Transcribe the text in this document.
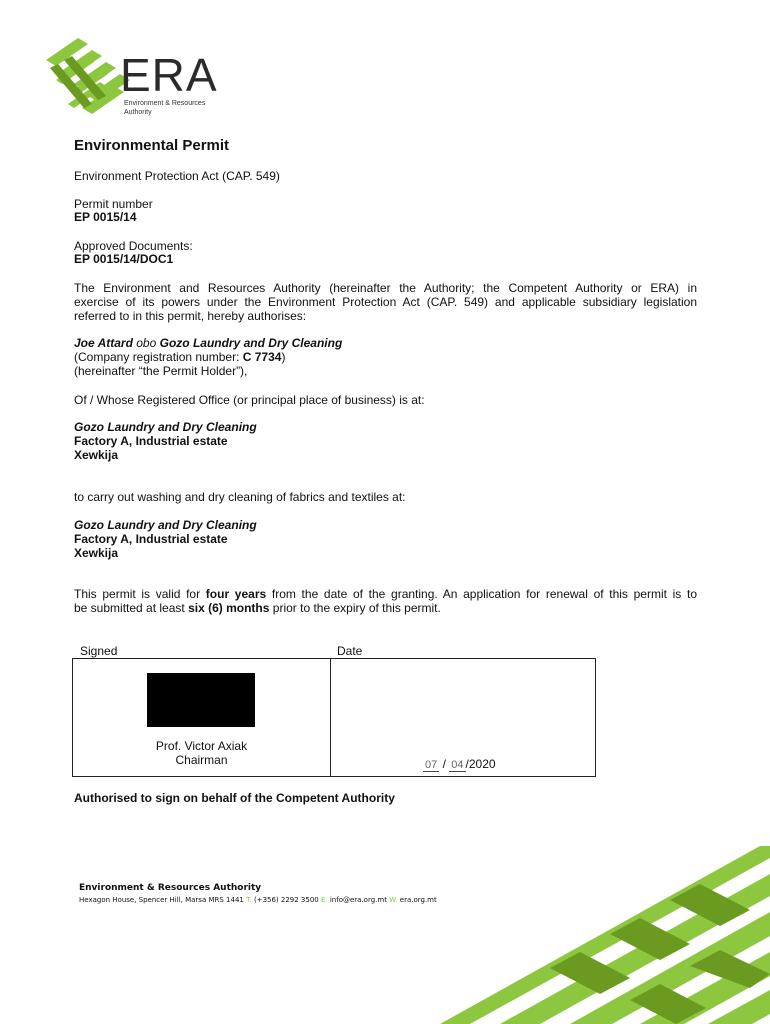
ERA
Environment & Resources
Authority
Environmental Permit
Environment Protection Act (CAP. 549)
Permit number
EP 0015/14
Approved Documents:
EP 0015/14/DOC1
The Environment and Resources Authority (hereinafter the Authority; the Competent Authority or ERA) in
exercise of its powers under the Environment Protection Act (CAP. 549) and applicable subsidiary legislation
referred to in this permit, hereby authorises:
Joe Attard obo Gozo Laundry and Dry Cleaning
(Company registration number: C 7734)
(hereinafter “the Permit Holder”),
Of / Whose Registered Office (or principal place of business) is at:
Gozo Laundry and Dry Cleaning
Factory A, Industrial estate
Xewkija
to carry out washing and dry cleaning of fabrics and textiles at:
Gozo Laundry and Dry Cleaning
Factory A, Industrial estate
Xewkija
This permit is valid for four years from the date of the granting. An application for renewal of this permit is to
be submitted at least six (6) months prior to the expiry of this permit.
Signed	Date
Prof. Victor Axiak
Chairman	07 / 04 /2020
Authorised to sign on behalf of the Competent Authority
Environment & Resources Authority
Hexagon House, Spencer Hill, Marsa MRS 1441 T. (+356) 2292 3500 E. info@era.org.mt W. era.org.mt
